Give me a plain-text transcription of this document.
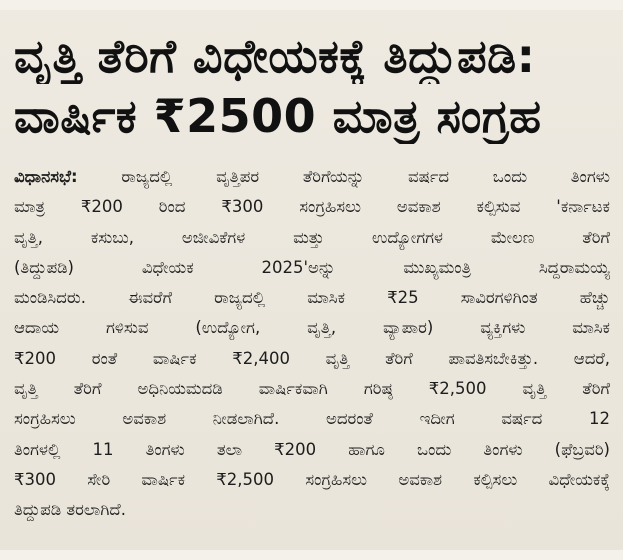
ವೃತ್ತಿ ತೆರಿಗೆ ವಿಧೇಯಕಕ್ಕೆ ತಿದ್ದುಪಡಿ:
ವಾರ್ಷಿಕ ₹2500 ಮಾತ್ರ ಸಂಗ್ರಹ
ವಿಧಾನಸಭೆ: ರಾಜ್ಯದಲ್ಲಿ ವೃತ್ತಿಪರ ತೆರಿಗೆಯನ್ನು ವರ್ಷದ ಒಂದು ತಿಂಗಳು
ಮಾತ್ರ ₹200 ರಿಂದ ₹300 ಸಂಗ್ರಹಿಸಲು ಅವಕಾಶ ಕಲ್ಪಿಸುವ 'ಕರ್ನಾಟಕ
ವೃತ್ತಿ, ಕಸುಬು, ಅಜೀವಿಕೆಗಳ ಮತ್ತು ಉದ್ಯೋಗಗಳ ಮೇಲಣ ತೆರಿಗೆ
(ತಿದ್ದುಪಡಿ) ವಿಧೇಯಕ 2025'ಅನ್ನು ಮುಖ್ಯಮಂತ್ರಿ ಸಿದ್ದರಾಮಯ್ಯ
ಮಂಡಿಸಿದರು. ಈವರೆಗೆ ರಾಜ್ಯದಲ್ಲಿ ಮಾಸಿಕ ₹25 ಸಾವಿರಗಳಿಗಿಂತ ಹೆಚ್ಚು
ಆದಾಯ ಗಳಿಸುವ (ಉದ್ಯೋಗ, ವೃತ್ತಿ, ವ್ಯಾಪಾರ) ವ್ಯಕ್ತಿಗಳು ಮಾಸಿಕ
₹200 ರಂತೆ ವಾರ್ಷಿಕ ₹2,400 ವೃತ್ತಿ ತೆರಿಗೆ ಪಾವತಿಸಬೇಕಿತ್ತು. ಆದರೆ,
ವೃತ್ತಿ ತೆರಿಗೆ ಅಧಿನಿಯಮದಡಿ ವಾರ್ಷಿಕವಾಗಿ ಗರಿಷ್ಠ ₹2,500 ವೃತ್ತಿ ತೆರಿಗೆ
ಸಂಗ್ರಹಿಸಲು ಅವಕಾಶ ನೀಡಲಾಗಿದೆ. ಅದರಂತೆ ಇದೀಗ ವರ್ಷದ 12
ತಿಂಗಳಲ್ಲಿ 11 ತಿಂಗಳು ತಲಾ ₹200 ಹಾಗೂ ಒಂದು ತಿಂಗಳು (ಫೆಬ್ರವರಿ)
₹300 ಸೇರಿ ವಾರ್ಷಿಕ ₹2,500 ಸಂಗ್ರಹಿಸಲು ಅವಕಾಶ ಕಲ್ಪಿಸಲು ವಿಧೇಯಕಕ್ಕೆ
ತಿದ್ದುಪಡಿ ತರಲಾಗಿದೆ.
